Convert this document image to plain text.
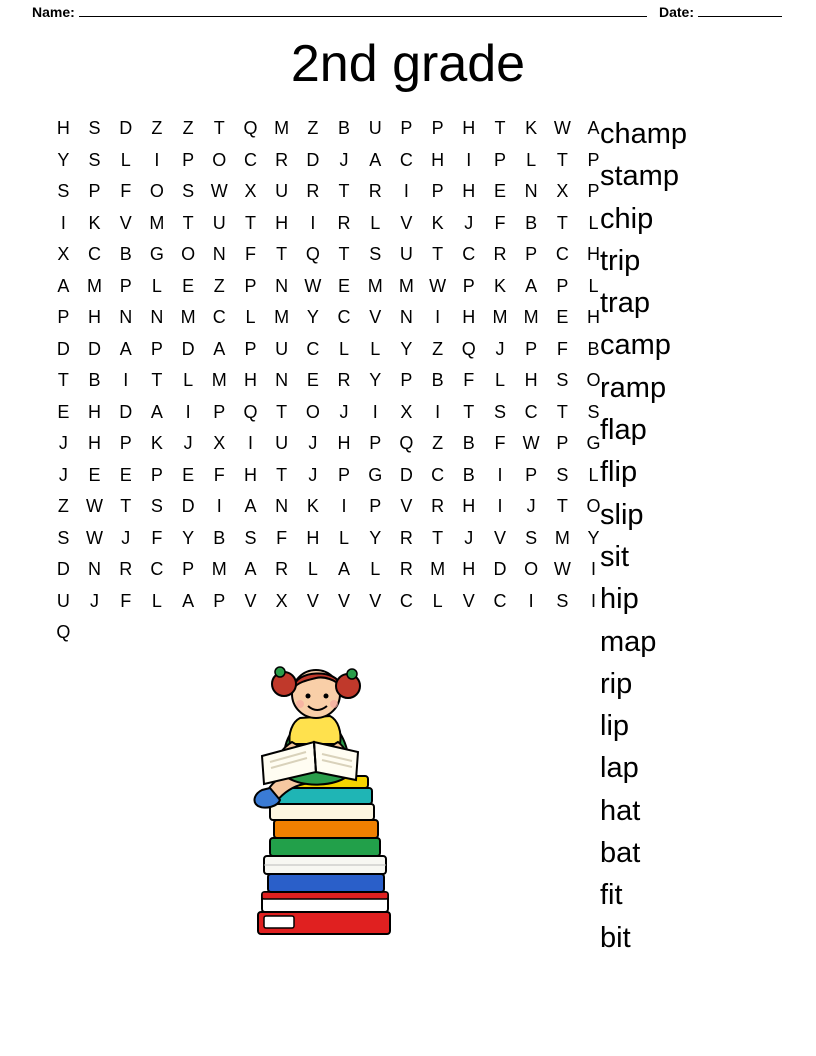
Name:	Date:
2nd grade
H	S	D	Z	Z	T	Q M Z	B	U	P	P	H	T	K W A
Y	S	L	I	P O C R D	J	A	C H	I	P	L	T	P
S	P	F	O S W X	U R	T	R	I	P	H	E	N	X	P
I	K	V M T	U	T	H	I	R	L	V	K	J	F	B	T	L
X	C	B G O N	F	T	Q	T	S	U	T	C R	P	C H
A M P	L	E	Z	P	N W E M M W P	K	A	P	L
P	H N N M C	L	M Y	C	V	N	I	H M M E	H
D D	A	P	D	A	P	U C	L	L	Y	Z	Q	J	P	F	B
T	B	I	T	L	M H N	E	R	Y	P	B	F	L	H	S O
E	H D	A	I	P Q	T	O	J	I	X	I	T	S	C	T	S
J	H	P	K	J	X	I	U	J	H	P Q	Z	B	F W P G
J	E	E	P	E	F	H	T	J	P G D C	B	I	P	S	L
Z W T	S	D	I	A	N	K	I	P	V	R H	I	J	T	O
S W J	F	Y	B	S	F	H	L	Y	R	T	J	V	S M Y
D N R C	P M A	R	L	A	L	R M H D O W	I
U	J	F	L	A	P	V	X	V	V	V	C	L	V	C	I	S	I
Q
champ
stamp
chip
trip
trap
camp
ramp
flap
flip
slip
sit
hip
map
rip
lip
lap
hat
bat
fit
bit
